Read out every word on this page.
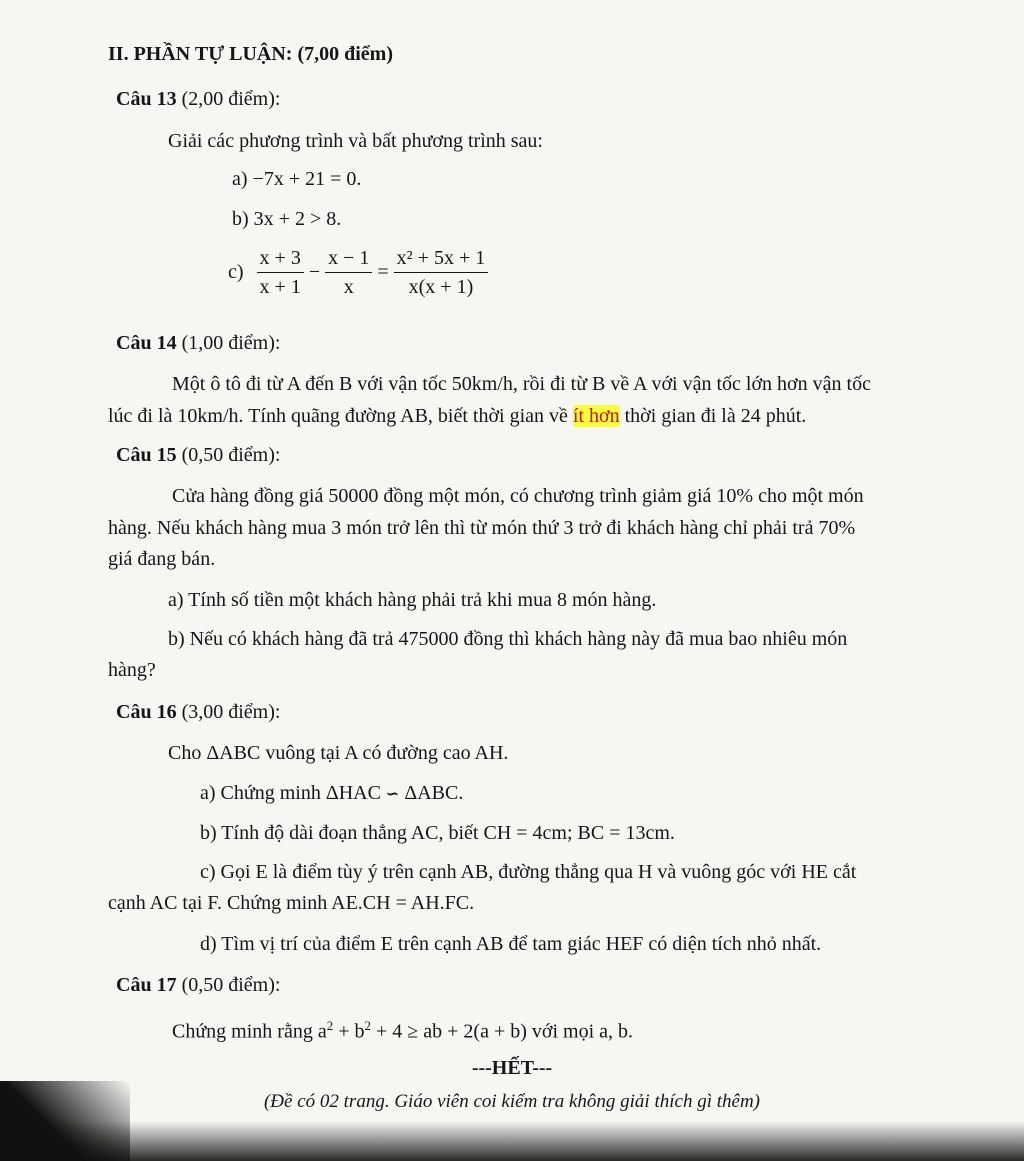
II. PHẦN TỰ LUẬN: (7,00 điểm)
Câu 13 (2,00 điểm):
Giải các phương trình và bất phương trình sau:
a) −7x + 21 = 0.
b) 3x + 2 > 8.
$c) \frac{x + 3}{x + 1} - \frac{x - 1}{x} = \frac{\text{x² + 5x + 1}}{x(x + 1)}$
Câu 14 (1,00 điểm):
Một ô tô đi từ A đến B với vận tốc 50km/h, rồi đi từ B về A với vận tốc lớn hơn vận tốc
lúc đi là 10km/h. Tính quãng đường AB, biết thời gian về ít hơn thời gian đi là 24 phút.
Câu 15 (0,50 điểm):
Cửa hàng đồng giá 50000 đồng một món, có chương trình giảm giá 10% cho một món
hàng. Nếu khách hàng mua 3 món trở lên thì từ món thứ 3 trở đi khách hàng chỉ phải trả 70%
giá đang bán.
a) Tính số tiền một khách hàng phải trả khi mua 8 món hàng.
b) Nếu có khách hàng đã trả 475000 đồng thì khách hàng này đã mua bao nhiêu món
hàng?
Câu 16 (3,00 điểm):
Cho ΔABC vuông tại A có đường cao AH.
a) Chứng minh ΔHAC ∽ ΔABC.
b) Tính độ dài đoạn thẳng AC, biết CH = 4cm; BC = 13cm.
c) Gọi E là điểm tùy ý trên cạnh AB, đường thẳng qua H và vuông góc với HE cắt
cạnh AC tại F. Chứng minh AE.CH = AH.FC.
d) Tìm vị trí của điểm E trên cạnh AB để tam giác HEF có diện tích nhỏ nhất.
Câu 17 (0,50 điểm):
Chứng minh rằng $a^2 + b^2 + 4$ ≥ ab + 2(a + b) với mọi a, b.
---HẾT---
(Đề có 02 trang. Giáo viên coi kiểm tra không giải thích gì thêm)
